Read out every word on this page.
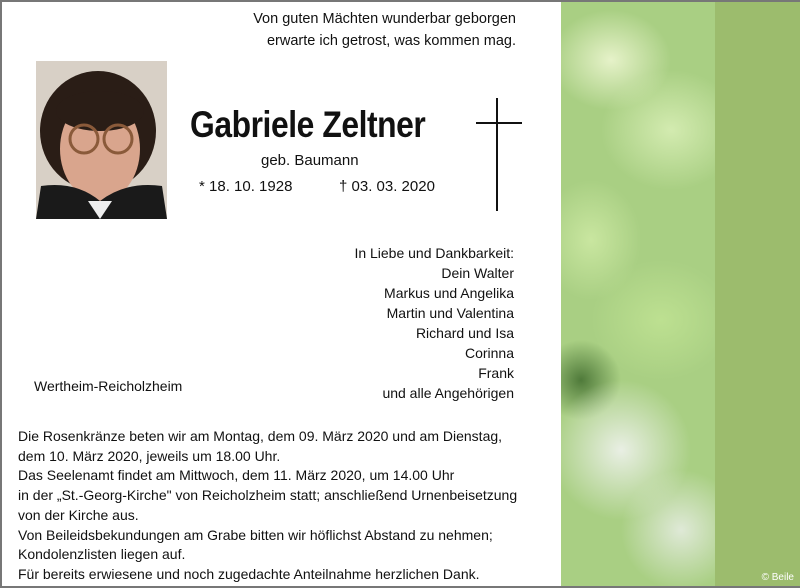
Von guten Mächten wunderbar geborgen
erwarte ich getrost, was kommen mag.
Gabriele Zeltner
geb. Baumann
* 18. 10. 1928	† 03. 03. 2020
In Liebe und Dankbarkeit:
Dein Walter
Markus und Angelika
Martin und Valentina
Richard und Isa
Corinna
Frank
und alle Angehörigen
Wertheim-Reicholzheim
Die Rosenkränze beten wir am Montag, dem 09. März 2020 und am Dienstag,
dem 10. März 2020, jeweils um 18.00 Uhr.
Das Seelenamt findet am Mittwoch, dem 11. März 2020, um 14.00 Uhr
in der „St.-Georg-Kirche" von Reicholzheim statt; anschließend Urnenbeisetzung
von der Kirche aus.
Von Beileidsbekundungen am Grabe bitten wir höflichst Abstand zu nehmen;
Kondolenzlisten liegen auf.
Für bereits erwiesene und noch zugedachte Anteilnahme herzlichen Dank.	© Beile
